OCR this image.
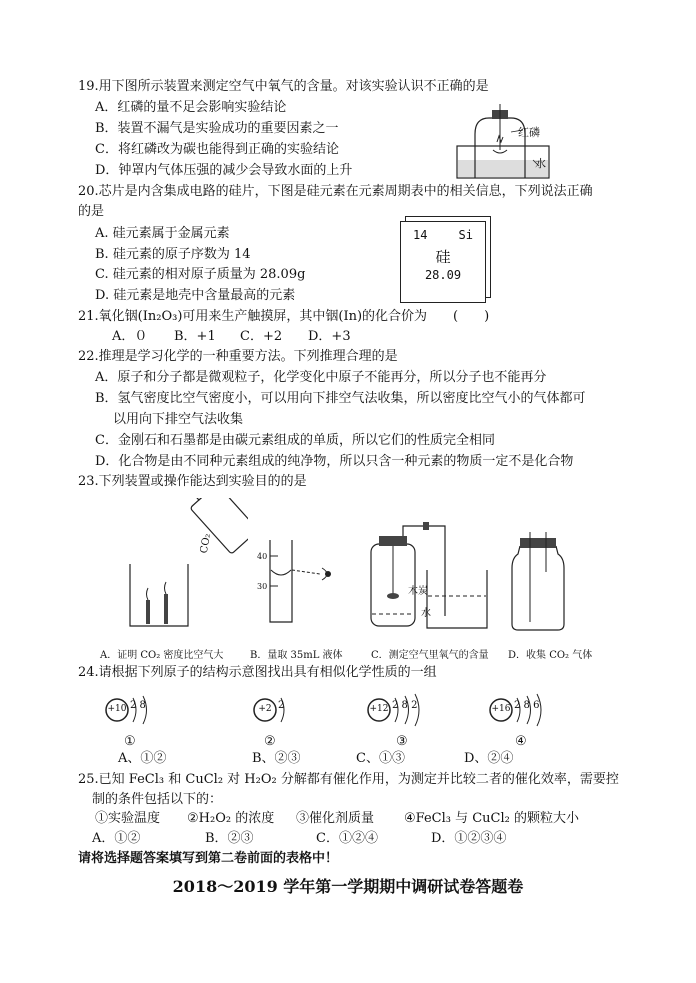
19.用下图所示装置来测定空气中氧气的含量。对该实验认识不正确的是
A．红磷的量不足会影响实验结论
B．装置不漏气是实验成功的重要因素之一
C．将红磷改为碳也能得到正确的实验结论
D．钟罩内气体压强的减少会导致水面的上升
红磷
水
20.芯片是内含集成电路的硅片，下图是硅元素在元素周期表中的相关信息，下列说法正确
的是
A. 硅元素属于金属元素
B. 硅元素的原子序数为 14
C. 硅元素的相对原子质量为 28.09g
D. 硅元素是地壳中含量最高的元素
14	Si
硅
28.09
21.氧化铟(In₂O₃)可用来生产触摸屏，其中铟(In)的化合价为　　(　　)
A．０ B．+1 C．+2 D．+3
22.推理是学习化学的一种重要方法。下列推理合理的是
A．原子和分子都是微观粒子，化学变化中原子不能再分，所以分子也不能再分
B．氢气密度比空气密度小，可以用向下排空气法收集，所以密度比空气小的气体都可
以用向下排空气法收集
C．金刚石和石墨都是由碳元素组成的单质，所以它们的性质完全相同
D．化合物是由不同种元素组成的纯净物，所以只含一种元素的物质一定不是化合物
23.下列装置或操作能达到实验目的的是
CO₂
40
30	木炭
水
A．证明 CO₂ 密度比空气大	B．量取 35mL 液体	C．测定空气里氧气的含量 D．收集 CO₂ 气体
24.请根据下列原子的结构示意图找出具有相似化学性质的一组
+10 2 8	+2 2	+12 2 8 2	+16 2 8 6
①	②	③	④
A、①②	B、②③	C、①③	D、②④
25.已知 FeCl₃ 和 CuCl₂ 对 H₂O₂ 分解都有催化作用，为测定并比较二者的催化效率，需要控
制的条件包括以下的：
①实验温度 ②H₂O₂ 的浓度 ③催化剂质量 ④FeCl₃ 与 CuCl₂ 的颗粒大小
A．①②	B．②③	C．①②④	D．①②③④
请将选择题答案填写到第二卷前面的表格中！
2018～2019 学年第一学期期中调研试卷答题卷
